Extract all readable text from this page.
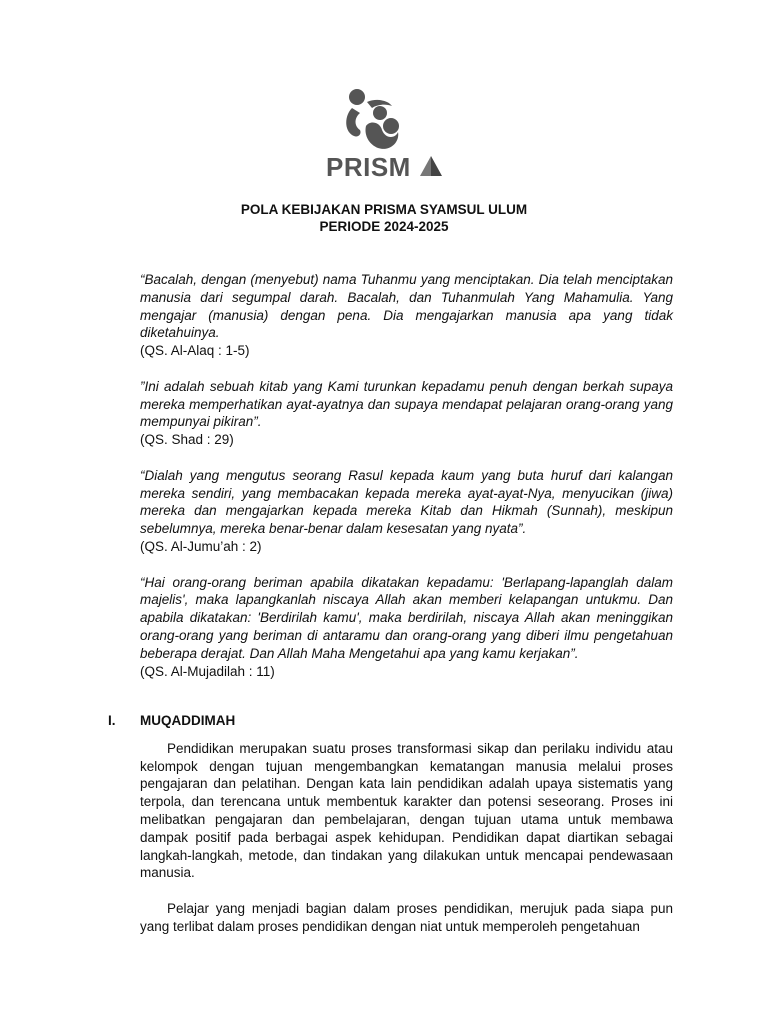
PRISM
POLA KEBIJAKAN PRISMA SYAMSUL ULUM
PERIODE 2024-2025

“Bacalah, dengan (menyebut) nama Tuhanmu yang menciptakan. Dia telah menciptakan manusia dari segumpal darah. Bacalah, dan Tuhanmulah Yang Mahamulia. Yang mengajar (manusia) dengan pena. Dia mengajarkan manusia apa yang tidak diketahuinya.

(QS. Al-Alaq : 1-5)

”Ini adalah sebuah kitab yang Kami turunkan kepadamu penuh dengan berkah supaya mereka memperhatikan ayat-ayatnya dan supaya mendapat pelajaran orang-orang yang mempunyai pikiran”.

(QS. Shad : 29)

“Dialah yang mengutus seorang Rasul kepada kaum yang buta huruf dari kalangan mereka sendiri, yang membacakan kepada mereka ayat-ayat-Nya, menyucikan (jiwa) mereka dan mengajarkan kepada mereka Kitab dan Hikmah (Sunnah), meskipun sebelumnya, mereka benar-benar dalam kesesatan yang nyata”.

(QS. Al-Jumu’ah : 2)

“Hai orang-orang beriman apabila dikatakan kepadamu: 'Berlapang-lapanglah dalam majelis', maka lapangkanlah niscaya Allah akan memberi kelapangan untukmu. Dan apabila dikatakan: 'Berdirilah kamu', maka berdirilah, niscaya Allah akan meninggikan orang-orang yang beriman di antaramu dan orang-orang yang diberi ilmu pengetahuan beberapa derajat. Dan Allah Maha Mengetahui apa yang kamu kerjakan”.

(QS. Al-Mujadilah : 11)

I.	MUQADDIMAH

Pendidikan merupakan suatu proses transformasi sikap dan perilaku individu atau kelompok dengan tujuan mengembangkan kematangan manusia melalui proses pengajaran dan pelatihan. Dengan kata lain pendidikan adalah upaya sistematis yang terpola, dan terencana untuk membentuk karakter dan potensi seseorang. Proses ini melibatkan pengajaran dan pembelajaran, dengan tujuan utama untuk membawa dampak positif pada berbagai aspek kehidupan. Pendidikan dapat diartikan sebagai langkah-langkah, metode, dan tindakan yang dilakukan untuk mencapai pendewasaan manusia.

Pelajar yang menjadi bagian dalam proses pendidikan, merujuk pada siapa pun yang terlibat dalam proses pendidikan dengan niat untuk memperoleh pengetahuan
